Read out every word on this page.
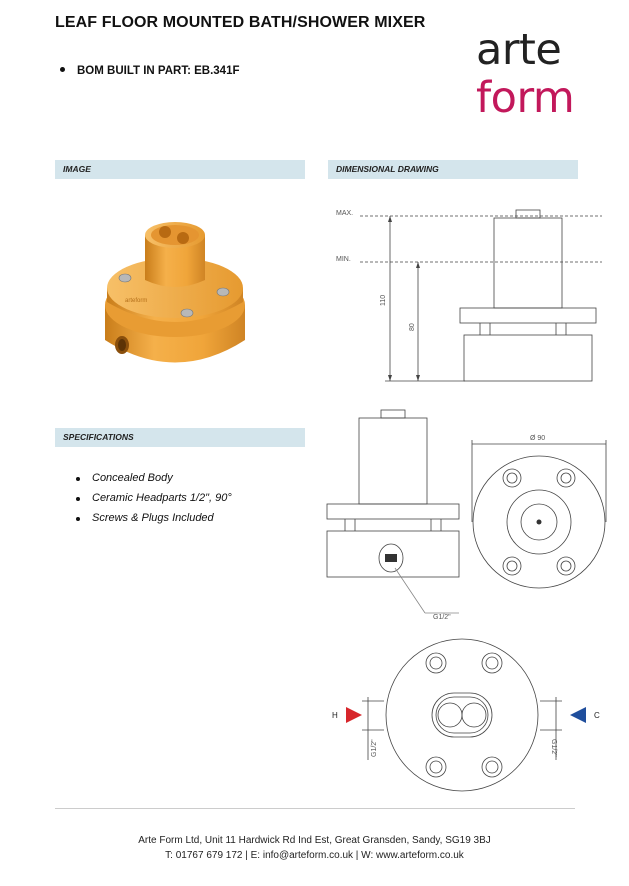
LEAF FLOOR MOUNTED BATH/SHOWER MIXER
BOM BUILT IN PART: EB.341F	arte
form
IMAGE	DIMENSIONAL DRAWING
SPECIFICATIONS
arteform
Concealed Body
Ceramic Headparts 1/2", 90°
Screws & Plugs Included
MAX.
MIN.
110
80
G1/2"
Ø 90
H	C
G1/2"	G1/2"
Arte Form Ltd, Unit 11 Hardwick Rd Ind Est, Great Gransden, Sandy, SG19 3BJ
T: 01767 679 172 | E: info@arteform.co.uk | W: www.arteform.co.uk
